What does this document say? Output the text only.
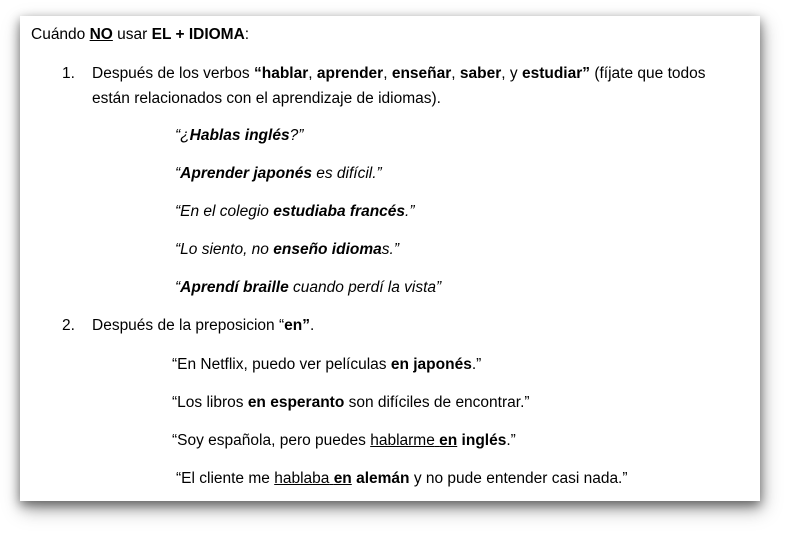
Cuándo NO usar EL + IDIOMA:
1. Después de los verbos “hablar, aprender, enseñar, saber, y estudiar” (fíjate que todos
están relacionados con el aprendizaje de idiomas).
“¿Hablas inglés?”
“Aprender japonés es difícil.”
“En el colegio estudiaba francés.”
“Lo siento, no enseño idiomas.”
“Aprendí braille cuando perdí la vista”
2. Después de la preposicion “en”.
“En Netflix, puedo ver películas en japonés.”
“Los libros en esperanto son difíciles de encontrar.”
“Soy española, pero puedes hablarme en inglés.”
“El cliente me hablaba en alemán y no pude entender casi nada.”
